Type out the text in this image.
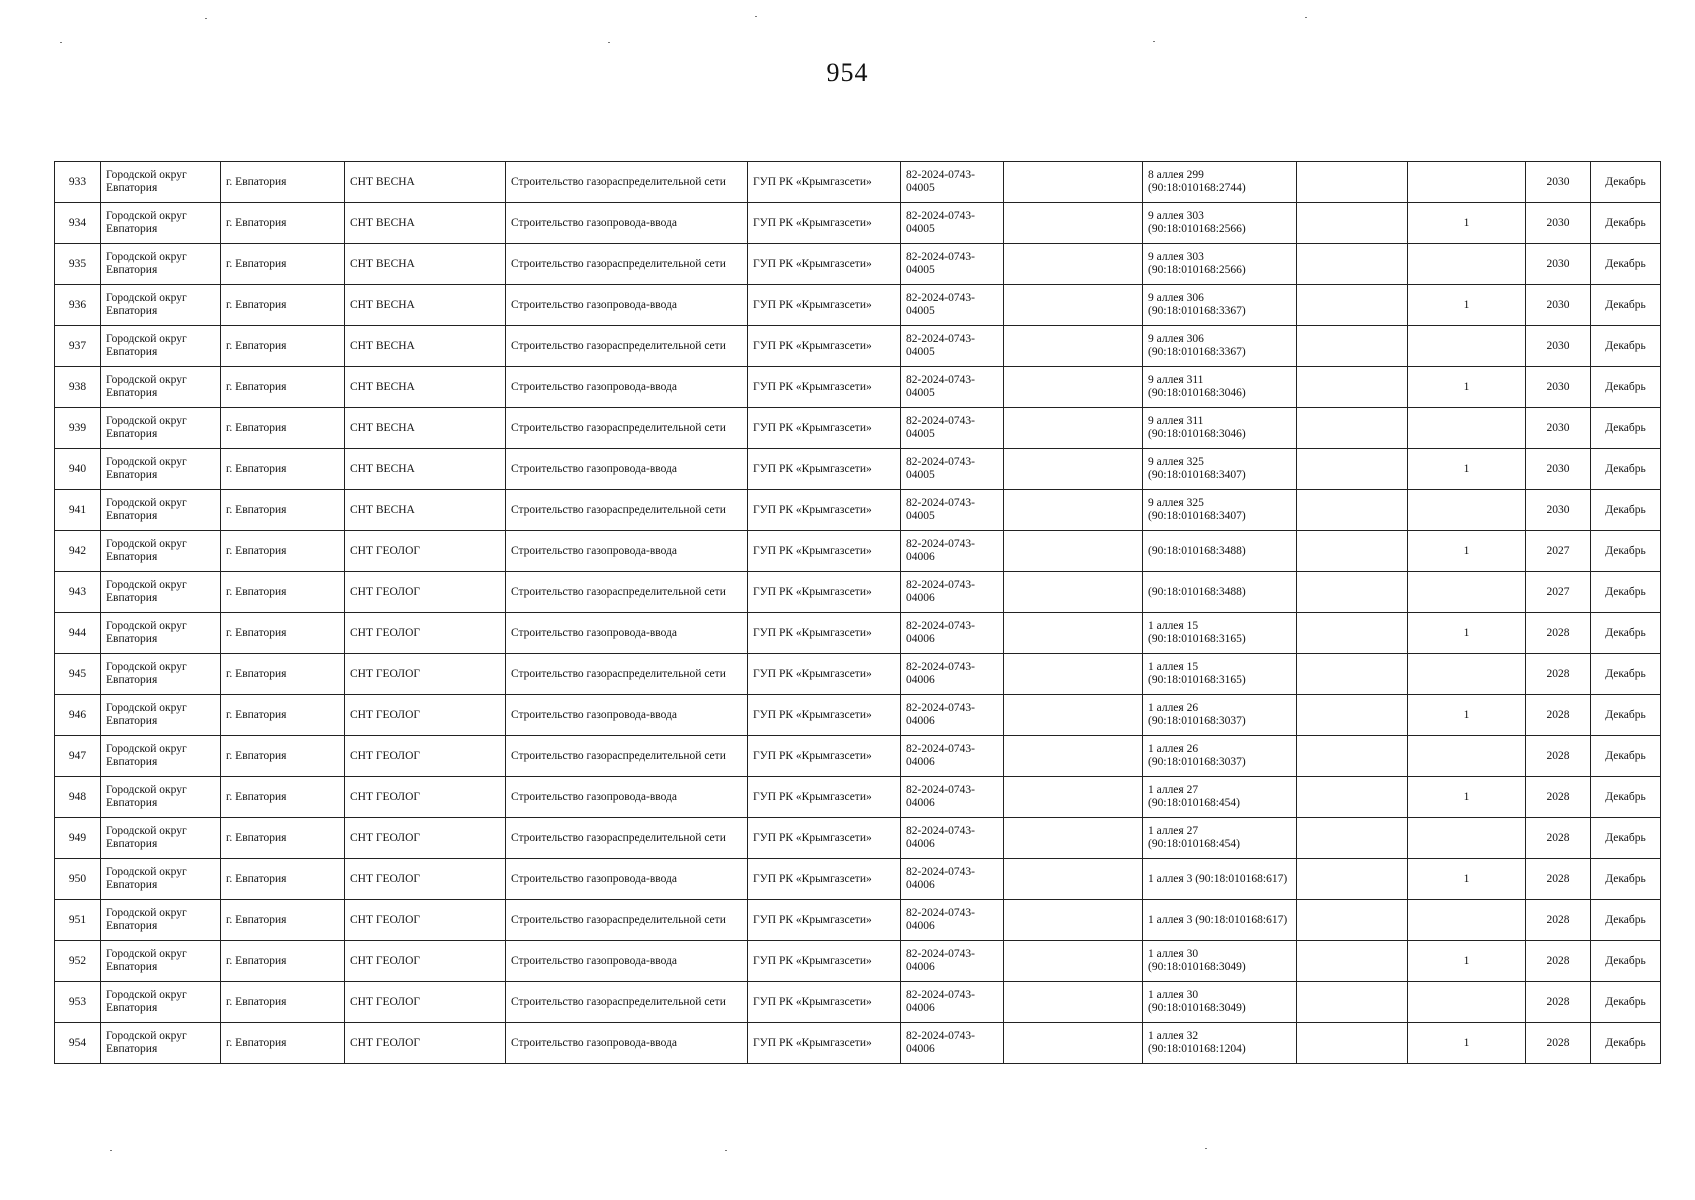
954
933	Городской округ Евпатория	г. Евпатория	СНТ ВЕСНА	Строительство газораспределительной сети	ГУП РК «Крымгазсети»	82-2024-0743-04005		8 аллея 299 (90:18:010168:2744)			2030	Декабрь
934	Городской округ Евпатория	г. Евпатория	СНТ ВЕСНА	Строительство газопровода-ввода	ГУП РК «Крымгазсети»	82-2024-0743-04005		9 аллея 303 (90:18:010168:2566)		1	2030	Декабрь
935	Городской округ Евпатория	г. Евпатория	СНТ ВЕСНА	Строительство газораспределительной сети	ГУП РК «Крымгазсети»	82-2024-0743-04005		9 аллея 303 (90:18:010168:2566)			2030	Декабрь
936	Городской округ Евпатория	г. Евпатория	СНТ ВЕСНА	Строительство газопровода-ввода	ГУП РК «Крымгазсети»	82-2024-0743-04005		9 аллея 306 (90:18:010168:3367)		1	2030	Декабрь
937	Городской округ Евпатория	г. Евпатория	СНТ ВЕСНА	Строительство газораспределительной сети	ГУП РК «Крымгазсети»	82-2024-0743-04005		9 аллея 306 (90:18:010168:3367)			2030	Декабрь
938	Городской округ Евпатория	г. Евпатория	СНТ ВЕСНА	Строительство газопровода-ввода	ГУП РК «Крымгазсети»	82-2024-0743-04005		9 аллея 311 (90:18:010168:3046)		1	2030	Декабрь
939	Городской округ Евпатория	г. Евпатория	СНТ ВЕСНА	Строительство газораспределительной сети	ГУП РК «Крымгазсети»	82-2024-0743-04005		9 аллея 311 (90:18:010168:3046)			2030	Декабрь
940	Городской округ Евпатория	г. Евпатория	СНТ ВЕСНА	Строительство газопровода-ввода	ГУП РК «Крымгазсети»	82-2024-0743-04005		9 аллея 325 (90:18:010168:3407)		1	2030	Декабрь
941	Городской округ Евпатория	г. Евпатория	СНТ ВЕСНА	Строительство газораспределительной сети	ГУП РК «Крымгазсети»	82-2024-0743-04005		9 аллея 325 (90:18:010168:3407)			2030	Декабрь
942	Городской округ Евпатория	г. Евпатория	СНТ ГЕОЛОГ	Строительство газопровода-ввода	ГУП РК «Крымгазсети»	82-2024-0743-04006		(90:18:010168:3488)		1	2027	Декабрь
943	Городской округ Евпатория	г. Евпатория	СНТ ГЕОЛОГ	Строительство газораспределительной сети	ГУП РК «Крымгазсети»	82-2024-0743-04006		(90:18:010168:3488)			2027	Декабрь
944	Городской округ Евпатория	г. Евпатория	СНТ ГЕОЛОГ	Строительство газопровода-ввода	ГУП РК «Крымгазсети»	82-2024-0743-04006		1 аллея 15 (90:18:010168:3165)		1	2028	Декабрь
945	Городской округ Евпатория	г. Евпатория	СНТ ГЕОЛОГ	Строительство газораспределительной сети	ГУП РК «Крымгазсети»	82-2024-0743-04006		1 аллея 15 (90:18:010168:3165)			2028	Декабрь
946	Городской округ Евпатория	г. Евпатория	СНТ ГЕОЛОГ	Строительство газопровода-ввода	ГУП РК «Крымгазсети»	82-2024-0743-04006		1 аллея 26 (90:18:010168:3037)		1	2028	Декабрь
947	Городской округ Евпатория	г. Евпатория	СНТ ГЕОЛОГ	Строительство газораспределительной сети	ГУП РК «Крымгазсети»	82-2024-0743-04006		1 аллея 26 (90:18:010168:3037)			2028	Декабрь
948	Городской округ Евпатория	г. Евпатория	СНТ ГЕОЛОГ	Строительство газопровода-ввода	ГУП РК «Крымгазсети»	82-2024-0743-04006		1 аллея 27 (90:18:010168:454)		1	2028	Декабрь
949	Городской округ Евпатория	г. Евпатория	СНТ ГЕОЛОГ	Строительство газораспределительной сети	ГУП РК «Крымгазсети»	82-2024-0743-04006		1 аллея 27 (90:18:010168:454)			2028	Декабрь
950	Городской округ Евпатория	г. Евпатория	СНТ ГЕОЛОГ	Строительство газопровода-ввода	ГУП РК «Крымгазсети»	82-2024-0743-04006		1 аллея 3 (90:18:010168:617)		1	2028	Декабрь
951	Городской округ Евпатория	г. Евпатория	СНТ ГЕОЛОГ	Строительство газораспределительной сети	ГУП РК «Крымгазсети»	82-2024-0743-04006		1 аллея 3 (90:18:010168:617)			2028	Декабрь
952	Городской округ Евпатория	г. Евпатория	СНТ ГЕОЛОГ	Строительство газопровода-ввода	ГУП РК «Крымгазсети»	82-2024-0743-04006		1 аллея 30 (90:18:010168:3049)		1	2028	Декабрь
953	Городской округ Евпатория	г. Евпатория	СНТ ГЕОЛОГ	Строительство газораспределительной сети	ГУП РК «Крымгазсети»	82-2024-0743-04006		1 аллея 30 (90:18:010168:3049)			2028	Декабрь
954	Городской округ Евпатория	г. Евпатория	СНТ ГЕОЛОГ	Строительство газопровода-ввода	ГУП РК «Крымгазсети»	82-2024-0743-04006		1 аллея 32 (90:18:010168:1204)		1	2028	Декабрь
